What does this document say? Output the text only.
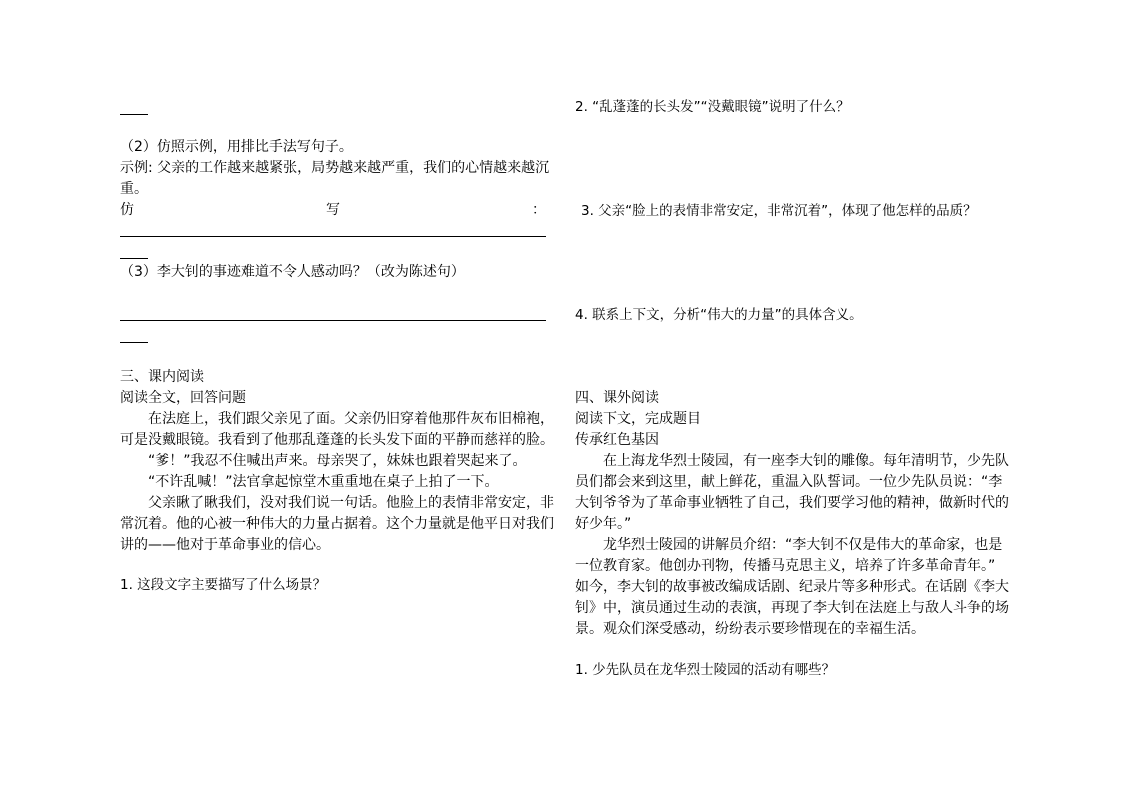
（2）仿照示例，用排比手法写句子。
示例: 父亲的工作越来越紧张，局势越来越严重，我们的心情越来越沉
重。
仿	写	：
（3）李大钊的事迹难道不令人感动吗？（改为陈述句）
三、课内阅读
阅读全文，回答问题
在法庭上，我们跟父亲见了面。父亲仍旧穿着他那件灰布旧棉袍，
可是没戴眼镜。我看到了他那乱蓬蓬的长头发下面的平静而慈祥的脸。
“爹！”我忍不住喊出声来。母亲哭了，妹妹也跟着哭起来了。
“不许乱喊！”法官拿起惊堂木重重地在桌子上拍了一下。
父亲瞅了瞅我们，没对我们说一句话。他脸上的表情非常安定，非
常沉着。他的心被一种伟大的力量占据着。这个力量就是他平日对我们
讲的——他对于革命事业的信心。
1. 这段文字主要描写了什么场景？
2. “乱蓬蓬的长头发”“没戴眼镜”说明了什么？
3. 父亲“脸上的表情非常安定，非常沉着”，体现了他怎样的品质？
4. 联系上下文，分析“伟大的力量”的具体含义。
四、课外阅读
阅读下文，完成题目
传承红色基因
在上海龙华烈士陵园，有一座李大钊的雕像。每年清明节，少先队
员们都会来到这里，献上鲜花，重温入队誓词。一位少先队员说：“李
大钊爷爷为了革命事业牺牲了自己，我们要学习他的精神，做新时代的
好少年。”
龙华烈士陵园的讲解员介绍：“李大钊不仅是伟大的革命家，也是
一位教育家。他创办刊物，传播马克思主义，培养了许多革命青年。”
如今，李大钊的故事被改编成话剧、纪录片等多种形式。在话剧《李大
钊》中，演员通过生动的表演，再现了李大钊在法庭上与敌人斗争的场
景。观众们深受感动，纷纷表示要珍惜现在的幸福生活。
1. 少先队员在龙华烈士陵园的活动有哪些？
